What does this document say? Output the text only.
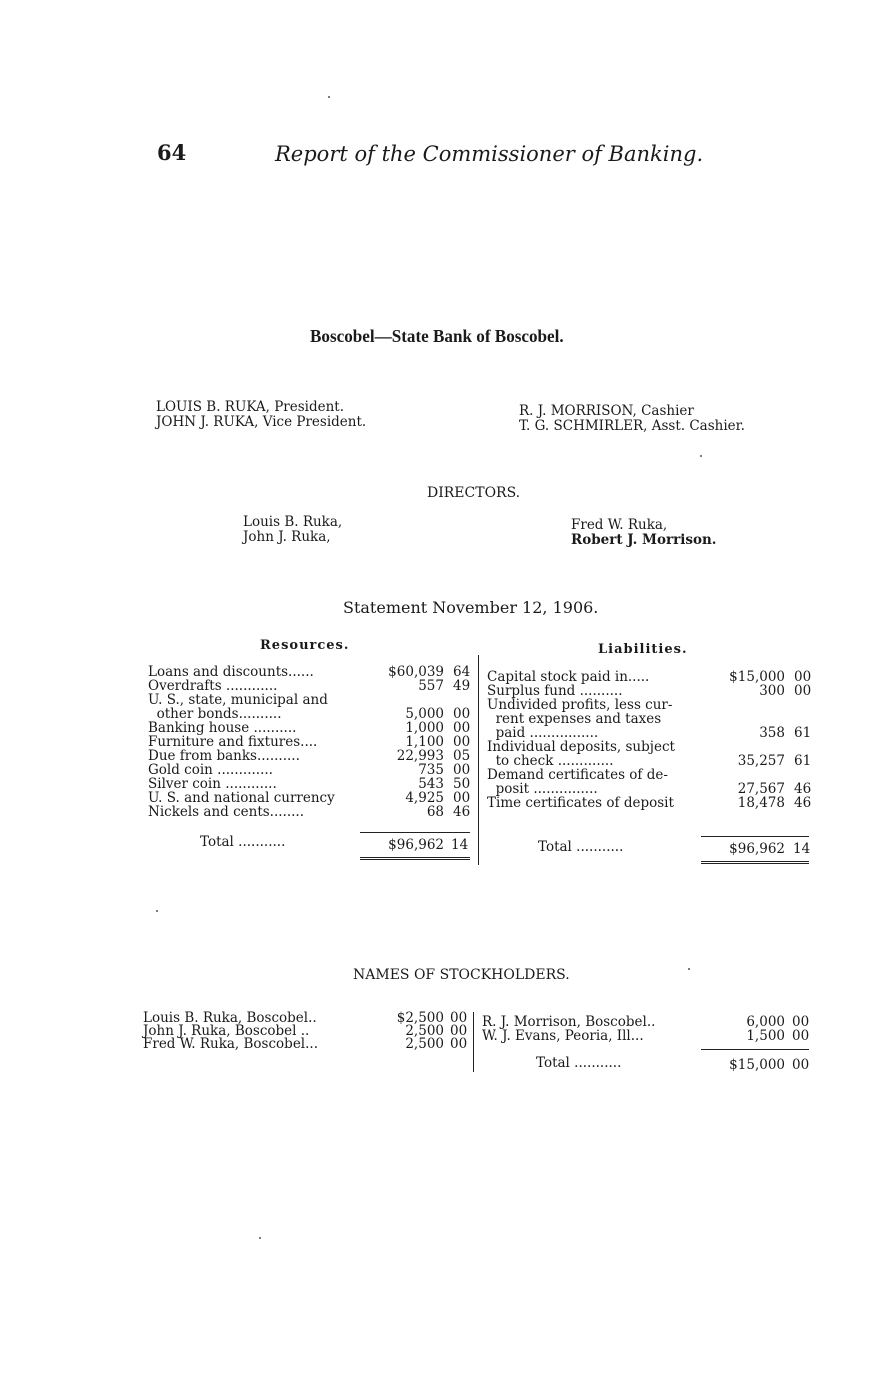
64	Report of the Commissioner of Banking.
Boscobel—State Bank of Boscobel.
LOUIS B. RUKA, President.
JOHN J. RUKA, Vice President.
R. J. MORRISON, Cashier
T. G. SCHMIRLER, Asst. Cashier.
DIRECTORS.
Louis B. Ruka,
John J. Ruka,
Fred W. Ruka,
Robert J. Morrison.
Statement November 12, 1906.
Resources.	Liabilities.
Loans and discounts......	$60,039 64
Overdrafts ............	557 49
U. S., state, municipal and
other bonds..........	5,000 00
Banking house ..........	1,000 00
Furniture and fixtures....	1,100 00
Due from banks..........	22,993 05
Gold coin .............	735 00
Silver coin ............	543 50
U. S. and national currency	4,925 00
Nickels and cents........	68 46
Capital stock paid in.....	$15,000 00
Surplus fund ..........	300 00
Undivided profits, less cur-
rent expenses and taxes
paid ................	358 61
Individual deposits, subject
to check .............	35,257 61
Demand certificates of de-
posit ...............	27,567 46
Time certificates of deposit	18,478 46
Total ...........	$96,962 14	Total ...........	$96,962 14
NAMES OF STOCKHOLDERS.
Louis B. Ruka, Boscobel..	$2,500 00
John J. Ruka, Boscobel ..	2,500 00
Fred W. Ruka, Boscobel...	2,500 00
R. J. Morrison, Boscobel..	6,000 00
W. J. Evans, Peoria, Ill...	1,500 00
Total ...........	$15,000 00
